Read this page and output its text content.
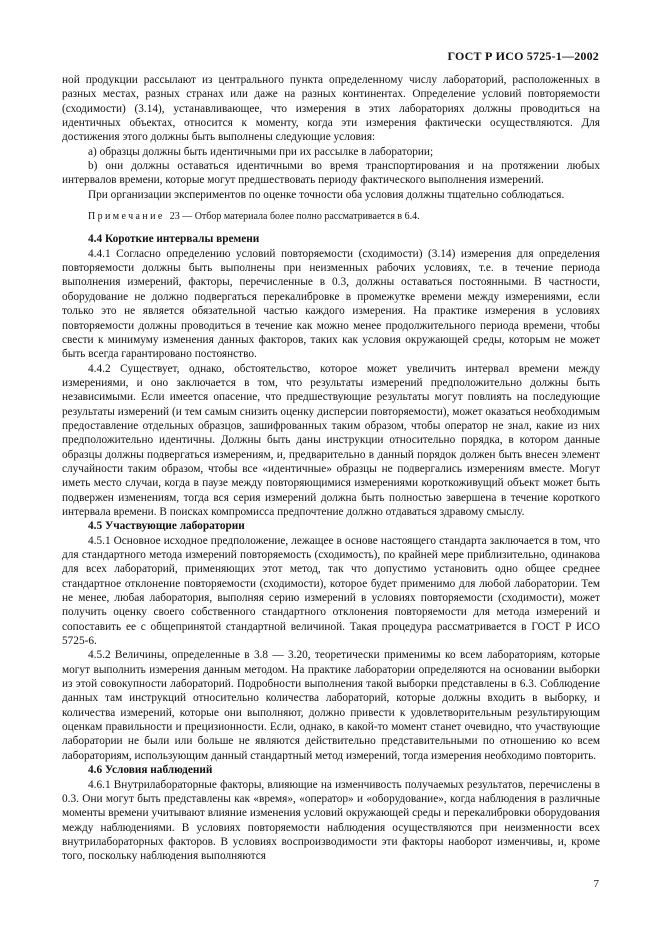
ГОСТ Р ИСО 5725-1—2002

ной продукции рассылают из центрального пункта определенному числу лабораторий, расположенных в разных местах, разных странах или даже на разных континентах. Определение условий повторяемости (сходимости) (3.14), устанавливающее, что измерения в этих лабораториях должны проводиться на идентичных объектах, относится к моменту, когда эти измерения фактически осуществляются. Для достижения этого должны быть выполнены следующие условия:

a) образцы должны быть идентичными при их рассылке в лаборатории;

b) они должны оставаться идентичными во время транспортирования и на протяжении любых интервалов времени, которые могут предшествовать периоду фактического выполнения измерений.

При организации экспериментов по оценке точности оба условия должны тщательно соблюдаться.

Примечание 23 — Отбор материала более полно рассматривается в 6.4.

4.4 Короткие интервалы времени

4.4.1 Согласно определению условий повторяемости (сходимости) (3.14) измерения для определения повторяемости должны быть выполнены при неизменных рабочих условиях, т.е. в течение периода выполнения измерений, факторы, перечисленные в 0.3, должны оставаться постоянными. В частности, оборудование не должно подвергаться перекалибровке в промежутке времени между измерениями, если только это не является обязательной частью каждого измерения. На практике измерения в условиях повторяемости должны проводиться в течение как можно менее продолжительного периода времени, чтобы свести к минимуму изменения данных факторов, таких как условия окружающей среды, которым не может быть всегда гарантировано постоянство.

4.4.2 Существует, однако, обстоятельство, которое может увеличить интервал времени между измерениями, и оно заключается в том, что результаты измерений предположительно должны быть независимыми. Если имеется опасение, что предшествующие результаты могут повлиять на последующие результаты измерений (и тем самым снизить оценку дисперсии повторяемости), может оказаться необходимым предоставление отдельных образцов, зашифрованных таким образом, чтобы оператор не знал, какие из них предположительно идентичны. Должны быть даны инструкции относительно порядка, в котором данные образцы должны подвергаться измерениям, и, предварительно в данный порядок должен быть внесен элемент случайности таким образом, чтобы все «идентичные» образцы не подвергались измерениям вместе. Могут иметь место случаи, когда в паузе между повторяющимися измерениями короткоживущий объект может быть подвержен изменениям, тогда вся серия измерений должна быть полностью завершена в течение короткого интервала времени. В поисках компромисса предпочтение должно отдаваться здравому смыслу.

4.5 Участвующие лаборатории

4.5.1 Основное исходное предположение, лежащее в основе настоящего стандарта заключается в том, что для стандартного метода измерений повторяемость (сходимость), по крайней мере приблизительно, одинакова для всех лабораторий, применяющих этот метод, так что допустимо установить одно общее среднее стандартное отклонение повторяемости (сходимости), которое будет применимо для любой лаборатории. Тем не менее, любая лаборатория, выполняя серию измерений в условиях повторяемости (сходимости), может получить оценку своего собственного стандартного отклонения повторяемости для метода измерений и сопоставить ее с общепринятой стандартной величиной. Такая процедура рассматривается в ГОСТ Р ИСО 5725-6.

4.5.2 Величины, определенные в 3.8 — 3.20, теоретически применимы ко всем лабораториям, которые могут выполнить измерения данным методом. На практике лаборатории определяются на основании выборки из этой совокупности лабораторий. Подробности выполнения такой выборки представлены в 6.3. Соблюдение данных там инструкций относительно количества лабораторий, которые должны входить в выборку, и количества измерений, которые они выполняют, должно привести к удовлетворительным результирующим оценкам правильности и прецизионности. Если, однако, в какой-то момент станет очевидно, что участвующие лаборатории не были или больше не являются действительно представительными по отношению ко всем лабораториям, использующим данный стандартный метод измерений, тогда измерения необходимо повторить.

4.6 Условия наблюдений

4.6.1 Внутрилабораторные факторы, влияющие на изменчивость получаемых результатов, перечислены в 0.3. Они могут быть представлены как «время», «оператор» и «оборудование», когда наблюдения в различные моменты времени учитывают влияние изменения условий окружающей среды и перекалибровки оборудования между наблюдениями. В условиях повторяемости наблюдения осуществляются при неизменности всех внутрилабораторных факторов. В условиях воспроизводимости эти факторы наоборот изменчивы, и, кроме того, поскольку наблюдения выполняются

7
